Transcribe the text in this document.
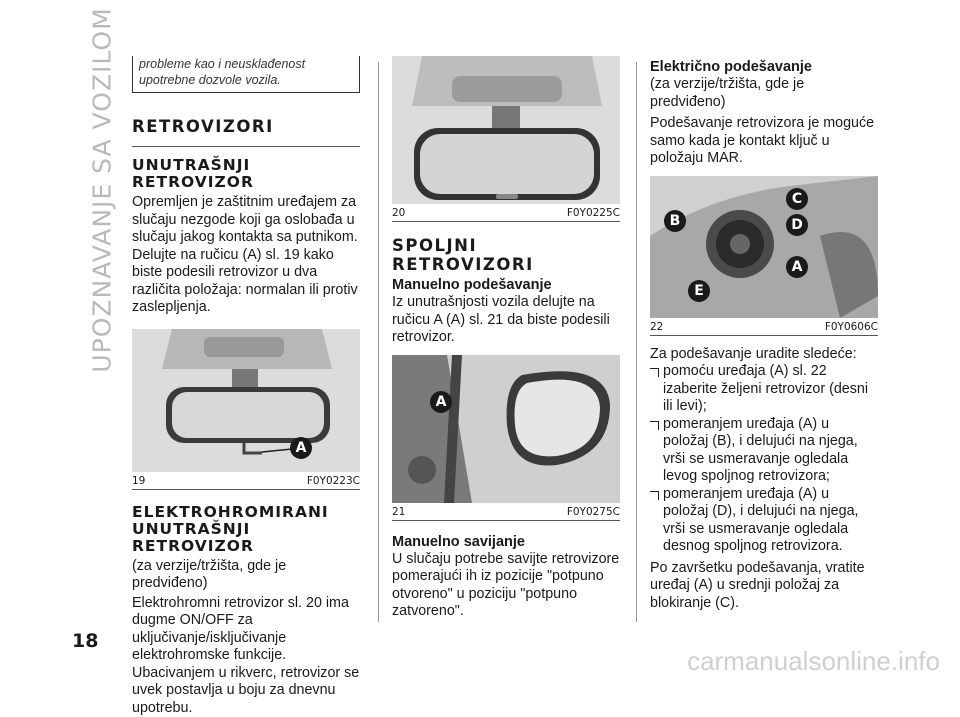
UPOZNAVANJE SA VOZILOM
18
probleme kao i neusklađenost upotrebne dozvole vozila.
RETROVIZORI
UNUTRAŠNJI RETROVIZOR

Opremljen je zaštitnim uređajem za slučaju nezgode koji ga oslobađa u slučaju jakog kontakta sa putnikom. Delujte na ručicu (A) sl. 19 kako biste podesili retrovizor u dva različita položaja: normalan ili protiv zaslepljenja.

A
19	F0Y0223C
ELEKTROHROMIRANI UNUTRAŠNJI RETROVIZOR

(za verzije/tržišta, gde je predviđeno)

Elektrohromni retrovizor sl. 20 ima dugme ON/OFF za uključivanje/isključivanje elektrohromske funkcije. Ubacivanjem u rikverc, retrovizor se uvek postavlja u boju za dnevnu upotrebu.

20	F0Y0225C
SPOLJNI RETROVIZORI
Manuelno podešavanje

Iz unutrašnjosti vozila delujte na ručicu A (A) sl. 21 da biste podesili retrovizor.

A
21	F0Y0275C
Manuelno savijanje

U slučaju potrebe savijte retrovizore pomerajući ih iz pozicije "potpuno otvoreno" u poziciju "potpuno zatvoreno".

Električno podešavanje

(za verzije/tržišta, gde je predviđeno)

Podešavanje retrovizora je moguće samo kada je kontakt ključ u položaju MAR.

C
B	D
A
E
22	F0Y0606C

Za podešavanje uradite sledeće:

pomoću uređaja (A) sl. 22 izaberite željeni retrovizor (desni ili levi);
pomeranjem uređaja (A) u položaj (B), i delujući na njega, vrši se usmeravanje ogledala levog spoljnog retrovizora;
pomeranjem uređaja (A) u položaj (D), i delujući na njega, vrši se usmeravanje ogledala desnog spoljnog retrovizora.

Po završetku podešavanja, vratite uređaj (A) u srednji položaj za blokiranje (C).

carmanualsonline.info
